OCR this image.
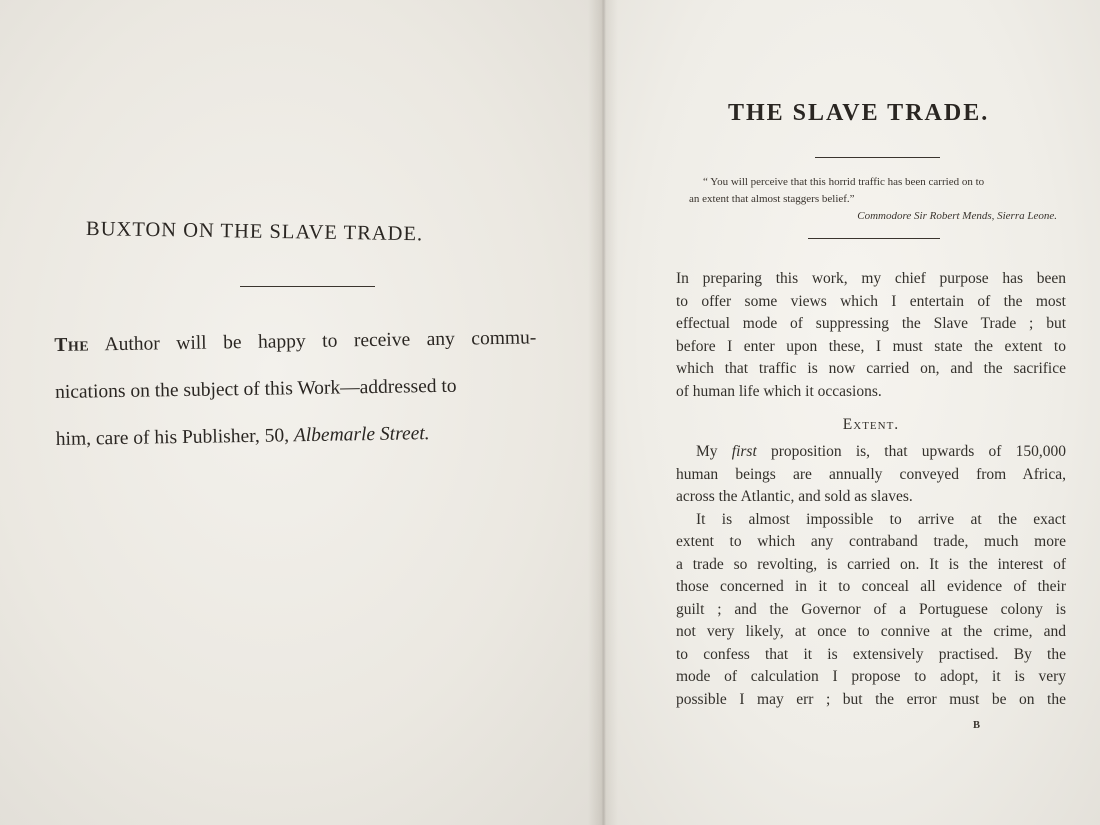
BUXTON ON THE SLAVE TRADE.
The Author will be happy to receive any commu-
nications on the subject of this Work—addressed to
him, care of his Publisher, 50, Albemarle Street.
THE SLAVE TRADE.
“ You will perceive that this horrid traffic has been carried on to
an extent that almost staggers belief.”
Commodore Sir Robert Mends, Sierra Leone.
In preparing this work, my chief purpose has been
to offer some views which I entertain of the most
effectual mode of suppressing the Slave Trade ; but
before I enter upon these, I must state the extent to
which that traffic is now carried on, and the sacrifice
of human life which it occasions.
Extent.
My first proposition is, that upwards of 150,000
human beings are annually conveyed from Africa,
across the Atlantic, and sold as slaves.
It is almost impossible to arrive at the exact
extent to which any contraband trade, much more
a trade so revolting, is carried on. It is the interest of
those concerned in it to conceal all evidence of their
guilt ; and the Governor of a Portuguese colony is
not very likely, at once to connive at the crime, and
to confess that it is extensively practised. By the
mode of calculation I propose to adopt, it is very
possible I may err ; but the error must be on the
B
